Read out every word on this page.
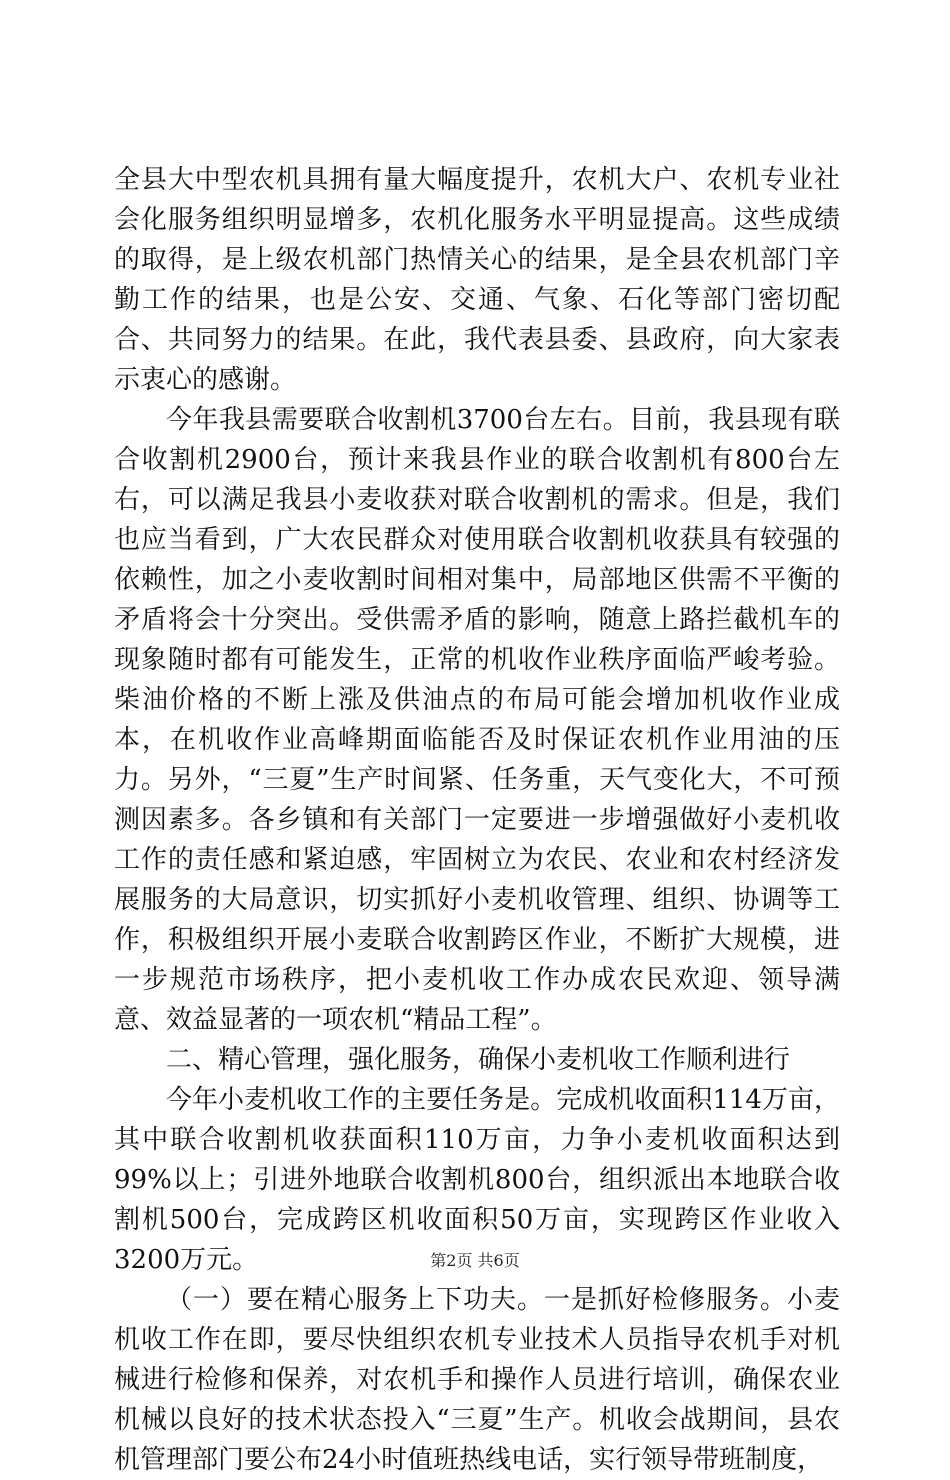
全县大中型农机具拥有量大幅度提升，农机大户、农机专业社会化服务组织明显增多，农机化服务水平明显提高。这些成绩的取得，是上级农机部门热情关心的结果，是全县农机部门辛勤工作的结果，也是公安、交通、气象、石化等部门密切配合、共同努力的结果。在此，我代表县委、县政府，向大家表示衷心的感谢。

今年我县需要联合收割机3700台左右。目前，我县现有联合收割机2900台，预计来我县作业的联合收割机有800台左右，可以满足我县小麦收获对联合收割机的需求。但是，我们也应当看到，广大农民群众对使用联合收割机收获具有较强的依赖性，加之小麦收割时间相对集中，局部地区供需不平衡的矛盾将会十分突出。受供需矛盾的影响，随意上路拦截机车的现象随时都有可能发生，正常的机收作业秩序面临严峻考验。柴油价格的不断上涨及供油点的布局可能会增加机收作业成本，在机收作业高峰期面临能否及时保证农机作业用油的压力。另外，“三夏”生产时间紧、任务重，天气变化大，不可预测因素多。各乡镇和有关部门一定要进一步增强做好小麦机收工作的责任感和紧迫感，牢固树立为农民、农业和农村经济发展服务的大局意识，切实抓好小麦机收管理、组织、协调等工作，积极组织开展小麦联合收割跨区作业，不断扩大规模，进一步规范市场秩序，把小麦机收工作办成农民欢迎、领导满意、效益显著的一项农机“精品工程”。

二、精心管理，强化服务，确保小麦机收工作顺利进行

今年小麦机收工作的主要任务是。完成机收面积114万亩，其中联合收割机收获面积110万亩，力争小麦机收面积达到99%以上；引进外地联合收割机800台，组织派出本地联合收割机500台，完成跨区机收面积50万亩，实现跨区作业收入3200万元。

（一）要在精心服务上下功夫。一是抓好检修服务。小麦机收工作在即，要尽快组织农机专业技术人员指导农机手对机械进行检修和保养，对农机手和操作人员进行培训，确保农业机械以良好的技术状态投入“三夏”生产。机收会战期间，县农机管理部门要公布24小时值班热线电话，实行领导带班制度，

第2页 共6页
